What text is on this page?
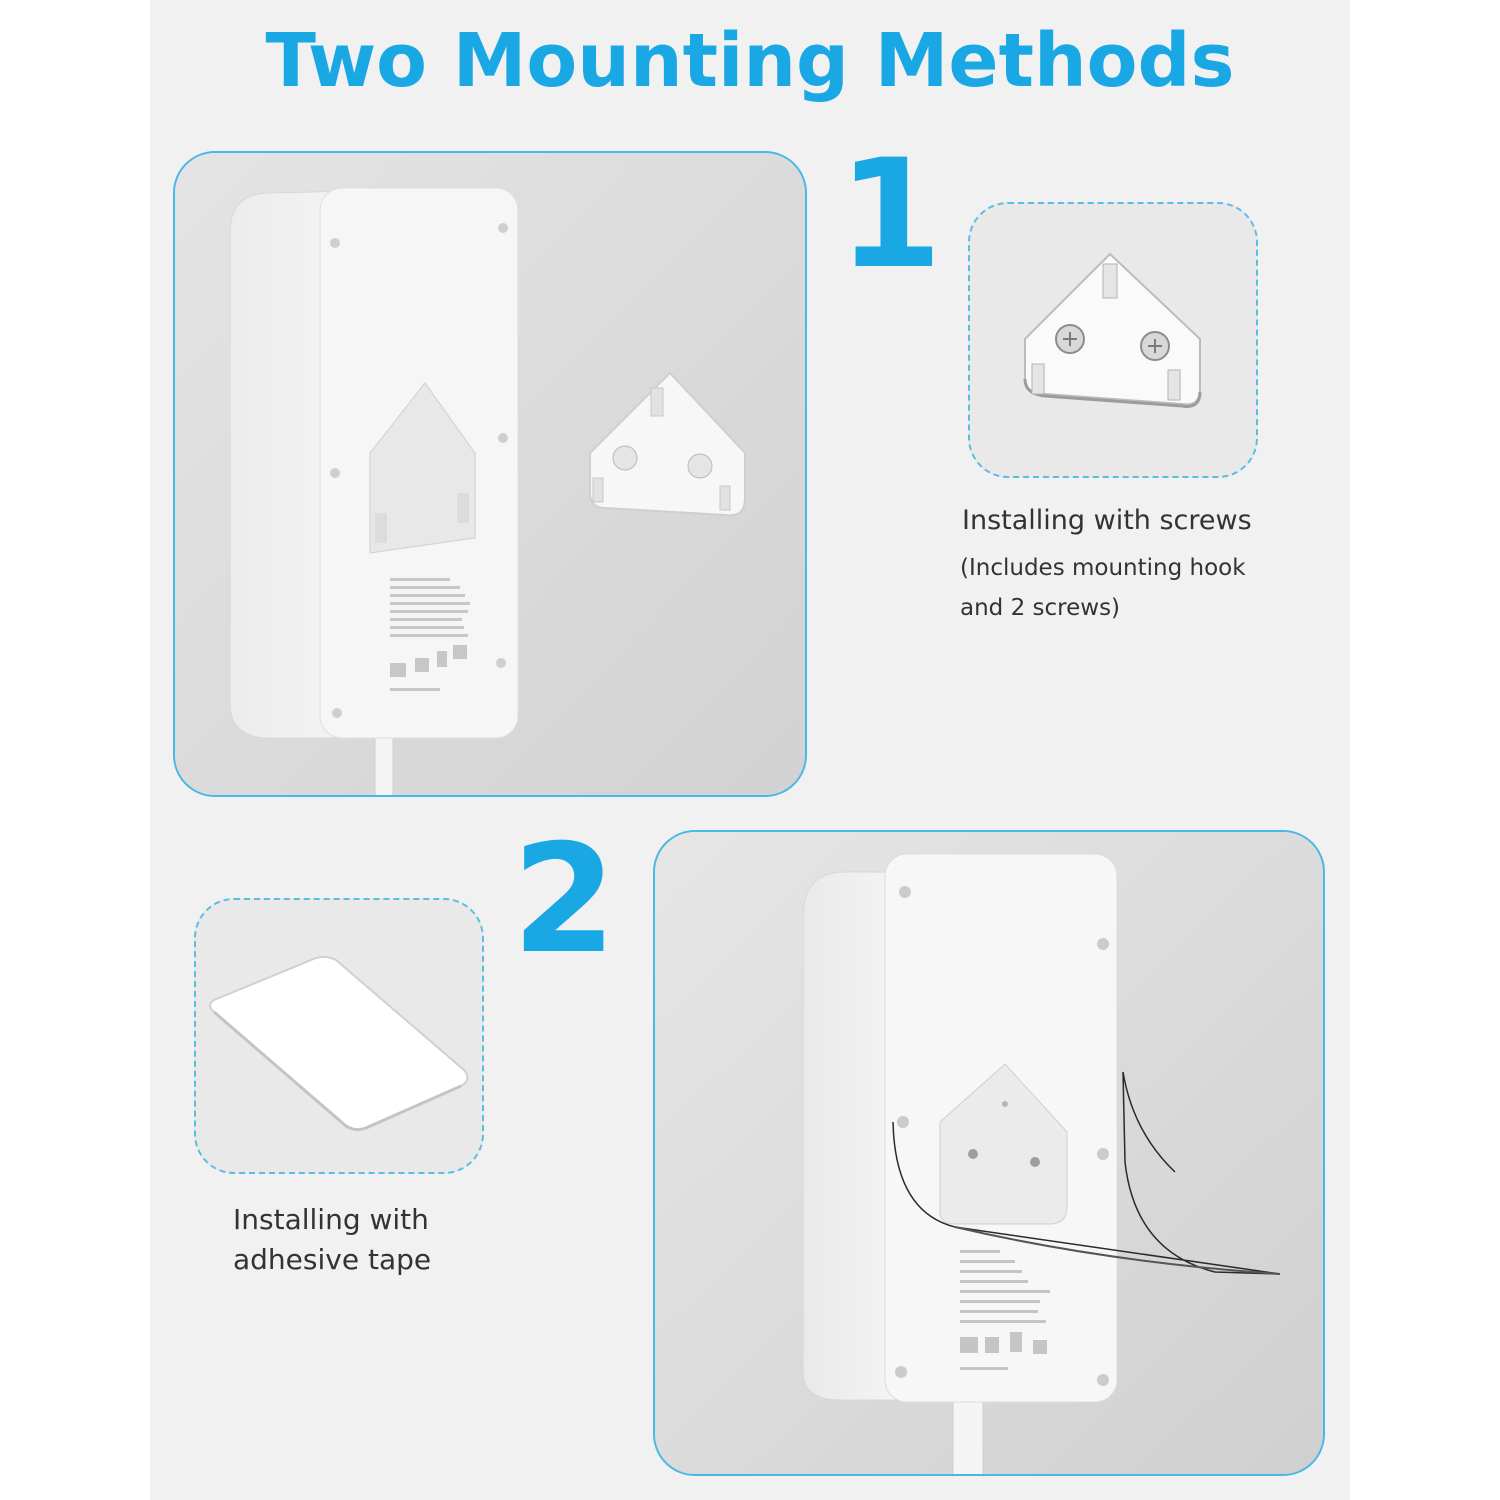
Two Mounting Methods
1
Installing with screws
(Includes mounting hook
and 2 screws)
2
Installing with
adhesive tape
